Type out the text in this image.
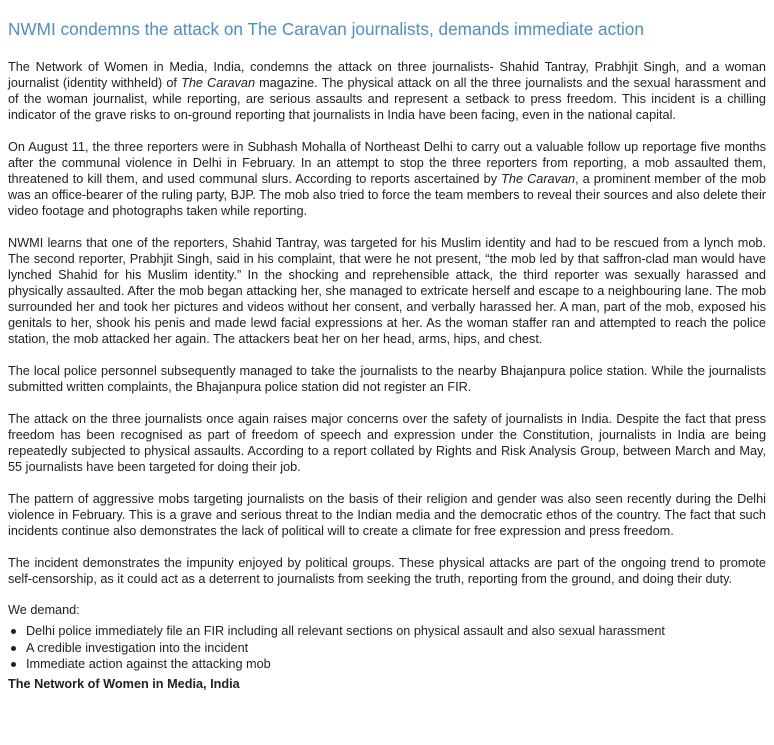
NWMI condemns the attack on The Caravan journalists, demands immediate action

The Network of Women in Media, India, condemns the attack on three journalists- Shahid Tantray, Prabhjit Singh, and a woman journalist (identity withheld) of The Caravan magazine. The physical attack on all the three journalists and the sexual harassment and of the woman journalist, while reporting, are serious assaults and represent a setback to press freedom. This incident is a chilling indicator of the grave risks to on-ground reporting that journalists in India have been facing, even in the national capital.

On August 11, the three reporters were in Subhash Mohalla of Northeast Delhi to carry out a valuable follow up reportage five months after the communal violence in Delhi in February. In an attempt to stop the three reporters from reporting, a mob assaulted them, threatened to kill them, and used communal slurs. According to reports ascertained by The Caravan, a prominent member of the mob was an office-bearer of the ruling party, BJP. The mob also tried to force the team members to reveal their sources and also delete their video footage and photographs taken while reporting.

NWMI learns that one of the reporters, Shahid Tantray, was targeted for his Muslim identity and had to be rescued from a lynch mob. The second reporter, Prabhjit Singh, said in his complaint, that were he not present, “the mob led by that saffron-clad man would have lynched Shahid for his Muslim identity.” In the shocking and reprehensible attack, the third reporter was sexually harassed and physically assaulted. After the mob began attacking her, she managed to extricate herself and escape to a neighbouring lane. The mob surrounded her and took her pictures and videos without her consent, and verbally harassed her. A man, part of the mob, exposed his genitals to her, shook his penis and made lewd facial expressions at her. As the woman staffer ran and attempted to reach the police station, the mob attacked her again. The attackers beat her on her head, arms, hips, and chest.

The local police personnel subsequently managed to take the journalists to the nearby Bhajanpura police station. While the journalists submitted written complaints, the Bhajanpura police station did not register an FIR.

The attack on the three journalists once again raises major concerns over the safety of journalists in India. Despite the fact that press freedom has been recognised as part of freedom of speech and expression under the Constitution, journalists in India are being repeatedly subjected to physical assaults. According to a report collated by Rights and Risk Analysis Group, between March and May, 55 journalists have been targeted for doing their job.

The pattern of aggressive mobs targeting journalists on the basis of their religion and gender was also seen recently during the Delhi violence in February. This is a grave and serious threat to the Indian media and the democratic ethos of the country. The fact that such incidents continue also demonstrates the lack of political will to create a climate for free expression and press freedom.

The incident demonstrates the impunity enjoyed by political groups. These physical attacks are part of the ongoing trend to promote self-censorship, as it could act as a deterrent to journalists from seeking the truth, reporting from the ground, and doing their duty.

We demand:

Delhi police immediately file an FIR including all relevant sections on physical assault and also sexual harassment
A credible investigation into the incident
Immediate action against the attacking mob

The Network of Women in Media, India
